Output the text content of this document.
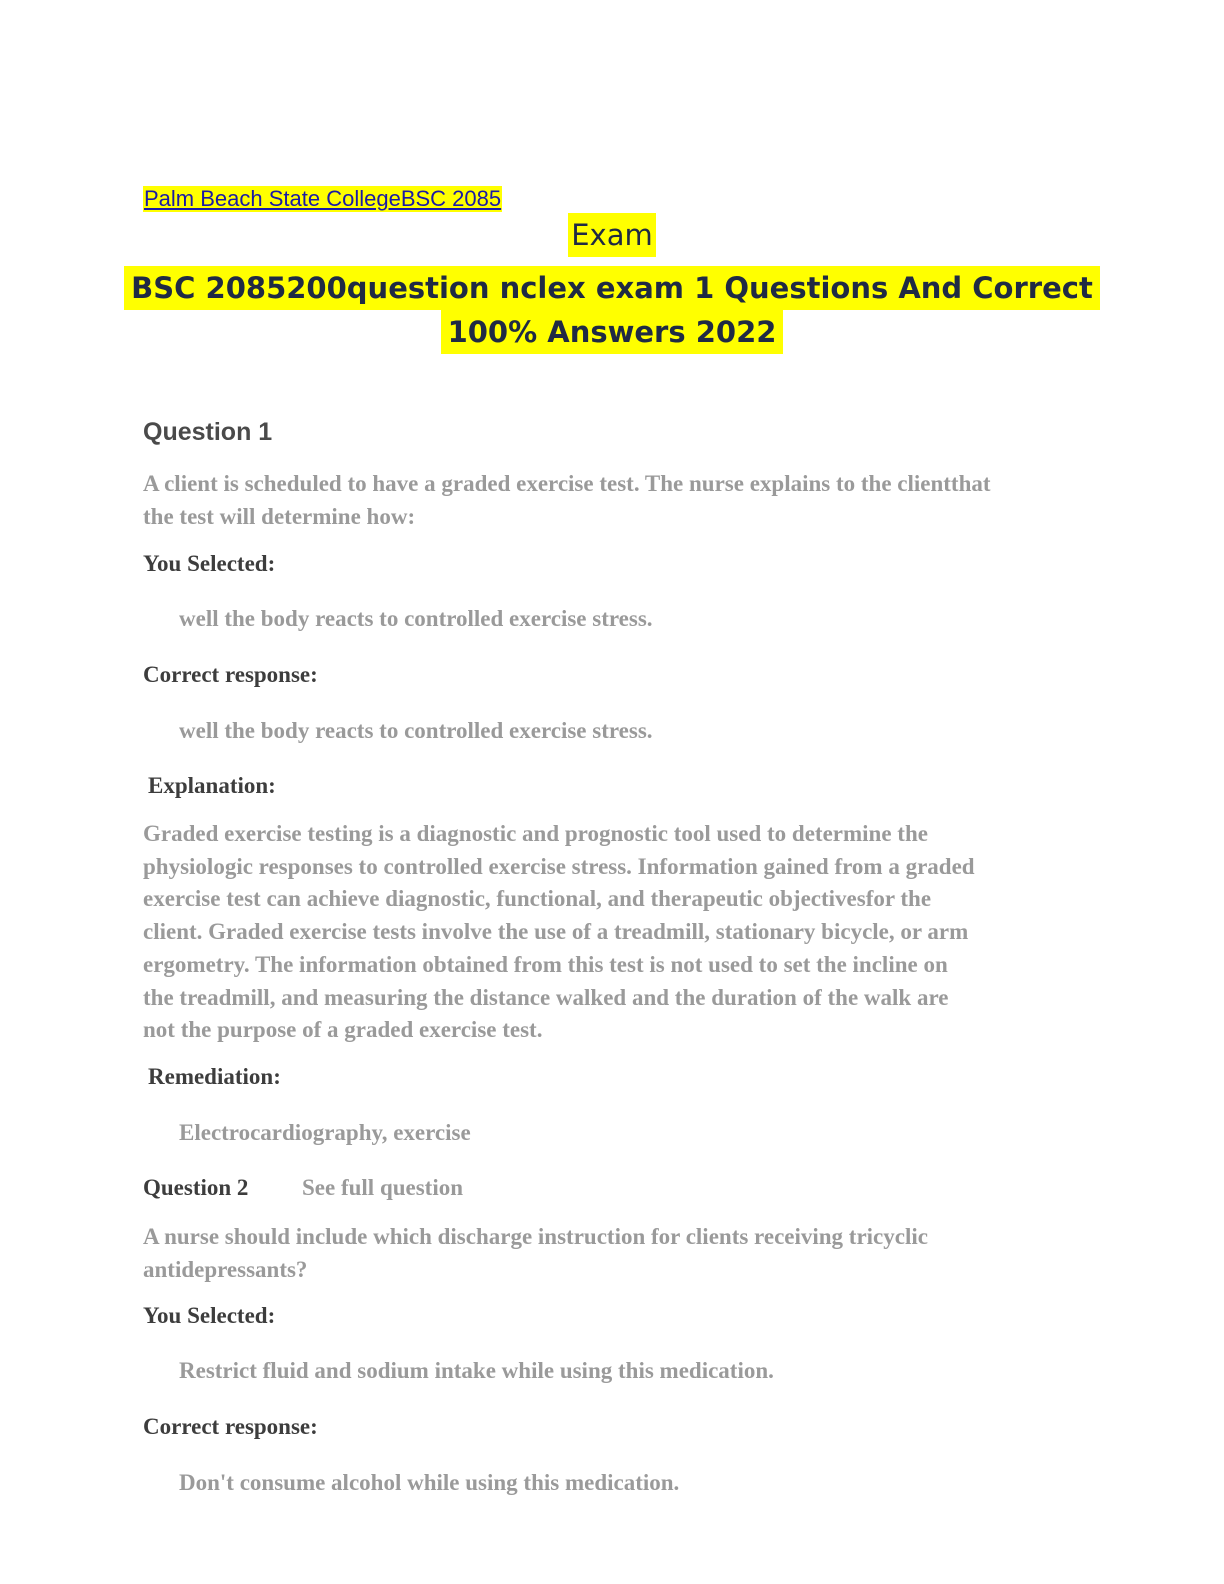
Palm Beach State CollegeBSC 2085
Exam
BSC 2085200question nclex exam 1 Questions And Correct
100% Answers 2022
Question 1
A client is scheduled to have a graded exercise test. The nurse explains to the clientthat
the test will determine how:
You Selected:
well the body reacts to controlled exercise stress.
Correct response:
well the body reacts to controlled exercise stress.
Explanation:
Graded exercise testing is a diagnostic and prognostic tool used to determine the
physiologic responses to controlled exercise stress. Information gained from a graded
exercise test can achieve diagnostic, functional, and therapeutic objectivesfor the
client. Graded exercise tests involve the use of a treadmill, stationary bicycle, or arm
ergometry. The information obtained from this test is not used to set the incline on
the treadmill, and measuring the distance walked and the duration of the walk are
not the purpose of a graded exercise test.
Remediation:
Electrocardiography, exercise
Question 2 See full question
A nurse should include which discharge instruction for clients receiving tricyclic
antidepressants?
You Selected:
Restrict fluid and sodium intake while using this medication.
Correct response:
Don't consume alcohol while using this medication.
